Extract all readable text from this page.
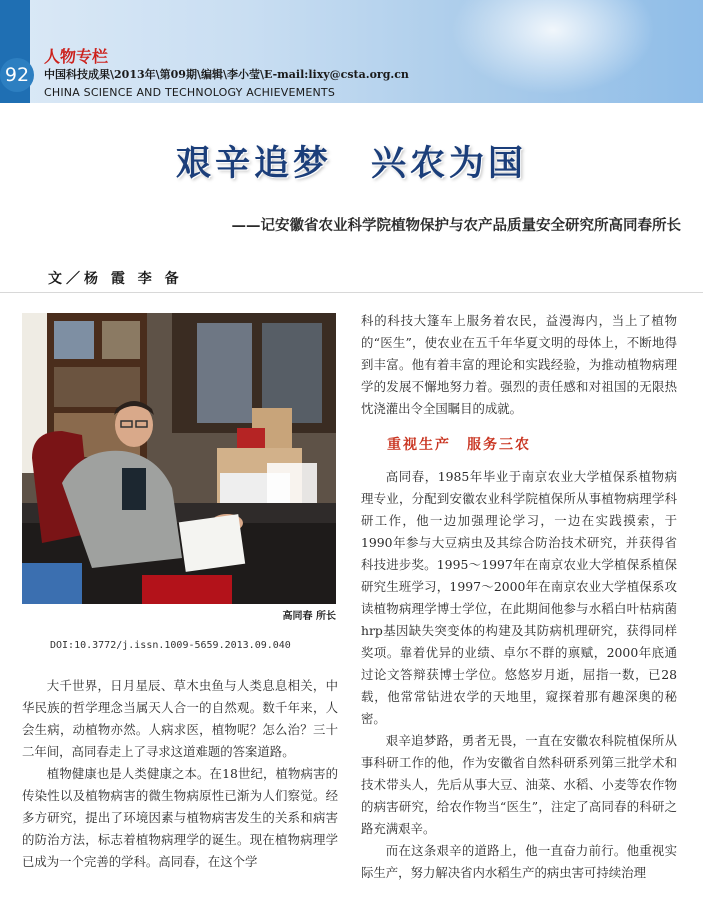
92
人物专栏
中国科技成果\2013年\第09期\编辑\李小莹\E-mail:lixy@csta.org.cn
CHINA SCIENCE AND TECHNOLOGY ACHIEVEMENTS
艰辛追梦　兴农为国
——记安徽省农业科学院植物保护与农产品质量安全研究所高同春所长
文／杨 霞 李 备
高同春 所长
DOI:10.3772/j.issn.1009-5659.2013.09.040

大千世界，日月星辰、草木虫鱼与人类息息相关，中华民族的哲学理念当属天人合一的自然观。数千年来，人会生病，动植物亦然。人病求医，植物呢？怎么治？三十二年间，高同春走上了寻求这道难题的答案道路。

植物健康也是人类健康之本。在18世纪，植物病害的传染性以及植物病害的微生物病原性已渐为人们察觉。经多方研究，提出了环境因素与植物病害发生的关系和病害的防治方法，标志着植物病理学的诞生。现在植物病理学已成为一个完善的学科。高同春，在这个学

科的科技大篷车上服务着农民，益漫海内，当上了植物的“医生”，使农业在五千年华夏文明的母体上，不断地得到丰富。他有着丰富的理论和实践经验，为推动植物病理学的发展不懈地努力着。强烈的责任感和对祖国的无限热忱浇灌出令全国瞩目的成就。

重视生产　服务三农

高同春，1985年毕业于南京农业大学植保系植物病理专业，分配到安徽农业科学院植保所从事植物病理学科研工作，他一边加强理论学习，一边在实践摸索，于1990年参与大豆病虫及其综合防治技术研究，并获得省科技进步奖。1995～1997年在南京农业大学植保系植保研究生班学习，1997～2000年在南京农业大学植保系攻读植物病理学博士学位，在此期间他参与水稻白叶枯病菌hrp基因缺失突变体的构建及其防病机理研究，获得同样奖项。靠着优异的业绩、卓尔不群的禀赋，2000年底通过论文答辩获博士学位。悠悠岁月逝，屈指一数，已28载，他常常钻进农学的天地里，窥探着那有趣深奥的秘密。

艰辛追梦路，勇者无畏，一直在安徽农科院植保所从事科研工作的他，作为安徽省自然科研系列第三批学术和技术带头人，先后从事大豆、油菜、水稻、小麦等农作物的病害研究，给农作物当“医生”，注定了高同春的科研之路充满艰辛。

而在这条艰辛的道路上，他一直奋力前行。他重视实际生产，努力解决省内水稻生产的病虫害可持续治理
